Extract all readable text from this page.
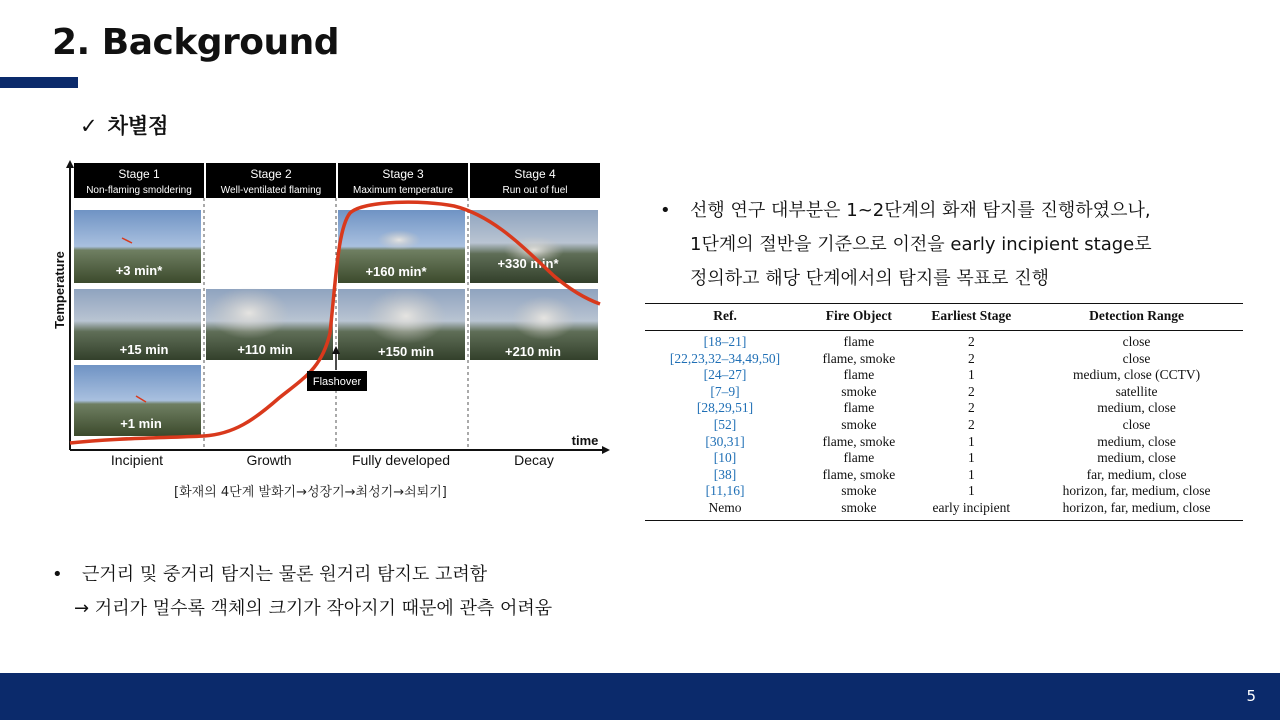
2. Background
✓ 차별점
Temperature
Stage 1
Non-flaming smoldering
Stage 2
Well-ventilated flaming
Stage 3
Maximum temperature
Stage 4
Run out of fuel
+3 min*
+15 min
+1 min
+110 min
+160 min*
+150 min
+330 min*
+210 min
Flashover
time
Incipient	Growth	Fully developed	Decay
[화재의 4단계 발화기→성장기→최성기→쇠퇴기]
• 선행 연구 대부분은 1~2단계의 화재 탐지를 진행하였으나,
1단계의 절반을 기준으로 이전을 early incipient stage로
정의하고 해당 단계에서의 탐지를 목표로 진행
Ref.	Fire Object	Earliest Stage	Detection Range
[18–21]	flame	2	close
[22,23,32–34,49,50]	flame, smoke	2	close
[24–27]	flame	1	medium, close (CCTV)
[7–9]	smoke	2	satellite
[28,29,51]	flame	2	medium, close
[52]	smoke	2	close
[30,31]	flame, smoke	1	medium, close
[10]	flame	1	medium, close
[38]	flame, smoke	1	far, medium, close
[11,16]	smoke	1	horizon, far, medium, close
Nemo	smoke	early incipient	horizon, far, medium, close
• 근거리 및 중거리 탐지는 물론 원거리 탐지도 고려함
→ 거리가 멀수록 객체의 크기가 작아지기 때문에 관측 어려움
5
